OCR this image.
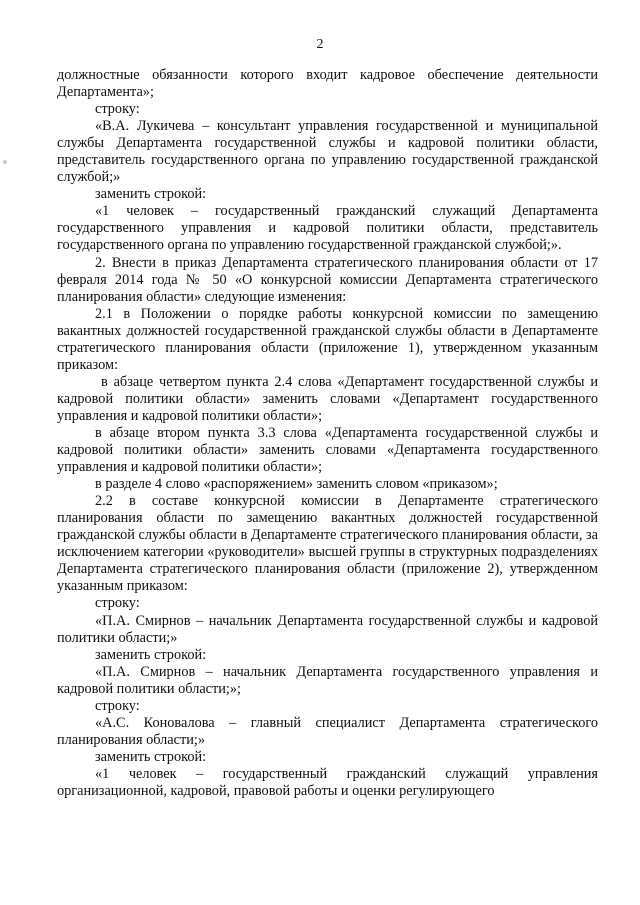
2

должностные обязанности которого входит кадровое обеспечение деятельности Департамента»;

строку:

«В.А. Лукичева – консультант управления государственной и муниципальной службы Департамента государственной службы и кадровой политики области, представитель государственного органа по управлению государственной гражданской службой;»

заменить строкой:

«1 человек – государственный гражданский служащий Департамента государственного управления и кадровой политики области, представитель государственного органа по управлению государственной гражданской службой;».

2. Внести в приказ Департамента стратегического планирования области от 17 февраля 2014 года № 50 «О конкурсной комиссии Департамента стратегического планирования области» следующие изменения:

2.1 в Положении о порядке работы конкурсной комиссии по замещению вакантных должностей государственной гражданской службы области в Департаменте стратегического планирования области (приложение 1), утвержденном указанным приказом:

в абзаце четвертом пункта 2.4 слова «Департамент государственной службы и кадровой политики области» заменить словами «Департамент государственного управления и кадровой политики области»;

в абзаце втором пункта 3.3 слова «Департамента государственной службы и кадровой политики области» заменить словами «Департамента государственного управления и кадровой политики области»;

в разделе 4 слово «распоряжением» заменить словом «приказом»;

2.2 в составе конкурсной комиссии в Департаменте стратегического планирования области по замещению вакантных должностей государственной гражданской службы области в Департаменте стратегического планирования области, за исключением категории «руководители» высшей группы в структурных подразделениях Департамента стратегического планирования области (приложение 2), утвержденном указанным приказом:

строку:

«П.А. Смирнов – начальник Департамента государственной службы и кадровой политики области;»

заменить строкой:

«П.А. Смирнов – начальник Департамента государственного управления и кадровой политики области;»;

строку:

«А.С. Коновалова – главный специалист Департамента стратегического планирования области;»

заменить строкой:

«1 человек – государственный гражданский служащий управления организационной, кадровой, правовой работы и оценки регулирующего
